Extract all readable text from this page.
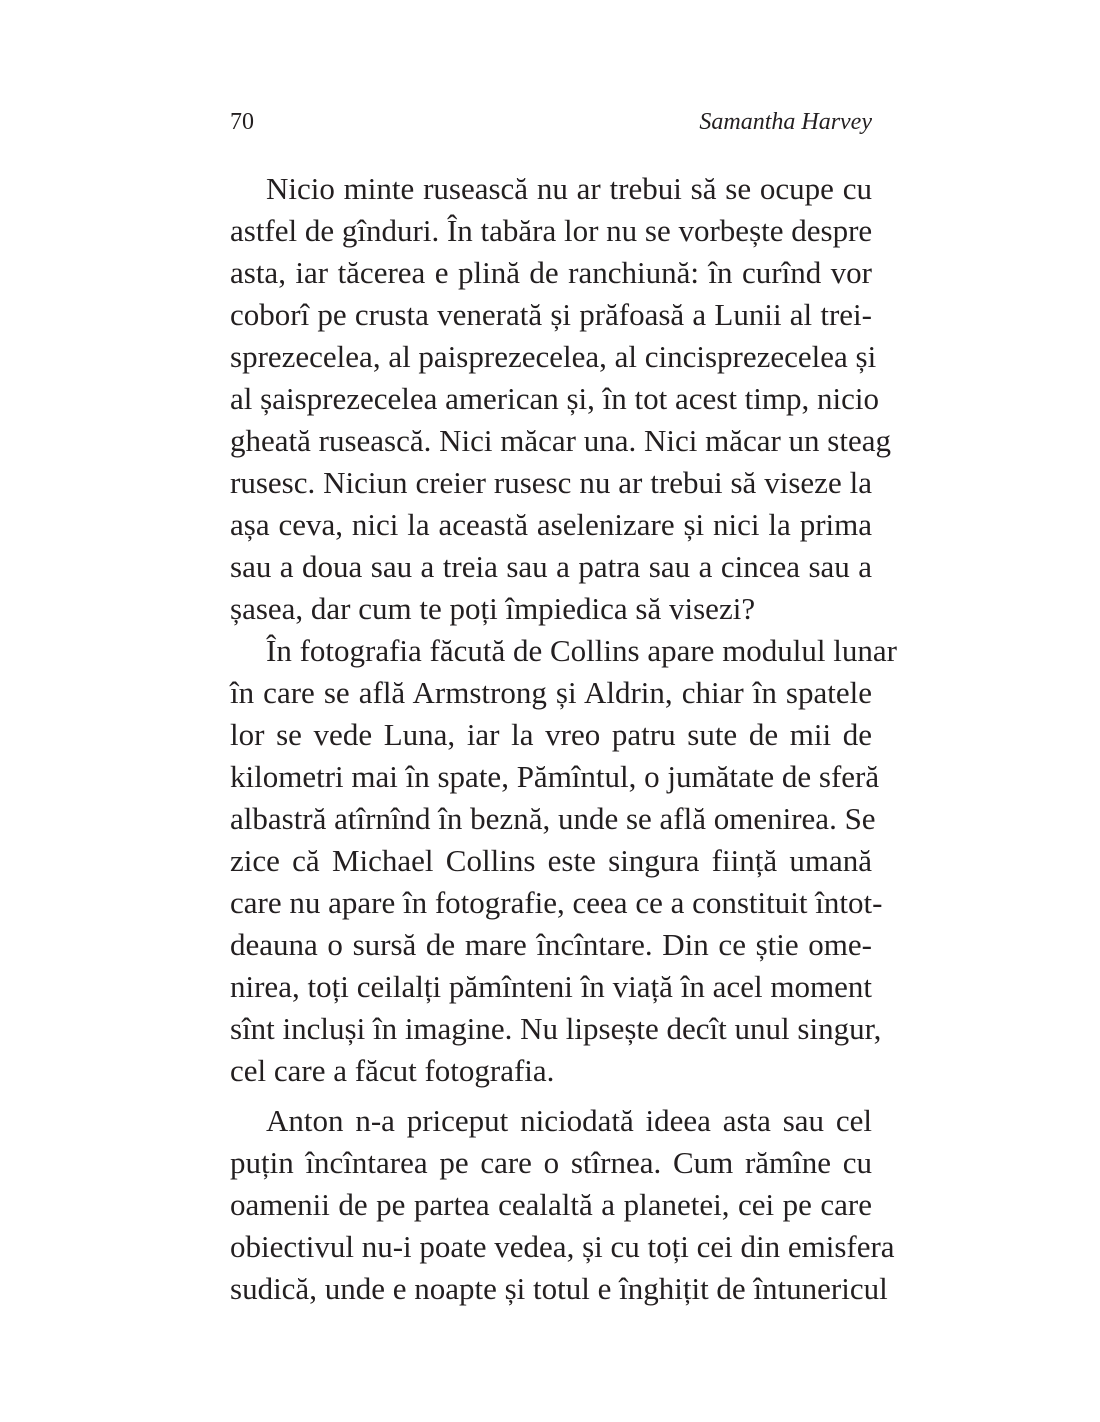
70	Samantha Harvey
Nicio minte rusească nu ar trebui să se ocupe cu
astfel de gînduri. În tabăra lor nu se vorbește despre
asta, iar tăcerea e plină de ranchiună: în curînd vor
coborî pe crusta venerată și prăfoasă a Lunii al trei-
sprezecelea, al paisprezecelea, al cincisprezecelea și
al șaisprezecelea american și, în tot acest timp, nicio
gheată rusească. Nici măcar una. Nici măcar un steag
rusesc. Niciun creier rusesc nu ar trebui să viseze la
așa ceva, nici la această aselenizare și nici la prima
sau a doua sau a treia sau a patra sau a cincea sau a
șasea, dar cum te poți împiedica să visezi?
În fotografia făcută de Collins apare modulul lunar
în care se află Armstrong și Aldrin, chiar în spatele
lor se vede Luna, iar la vreo patru sute de mii de
kilometri mai în spate, Pămîntul, o jumătate de sferă
albastră atîrnînd în beznă, unde se află omenirea. Se
zice că Michael Collins este singura ființă umană
care nu apare în fotografie, ceea ce a constituit întot-
deauna o sursă de mare încîntare. Din ce știe ome-
nirea, toți ceilalți pămînteni în viață în acel moment
sînt incluși în imagine. Nu lipsește decît unul singur,
cel care a făcut fotografia.
Anton n-a priceput niciodată ideea asta sau cel
puțin încîntarea pe care o stîrnea. Cum rămîne cu
oamenii de pe partea cealaltă a planetei, cei pe care
obiectivul nu-i poate vedea, și cu toți cei din emisfera
sudică, unde e noapte și totul e înghițit de întunericul
